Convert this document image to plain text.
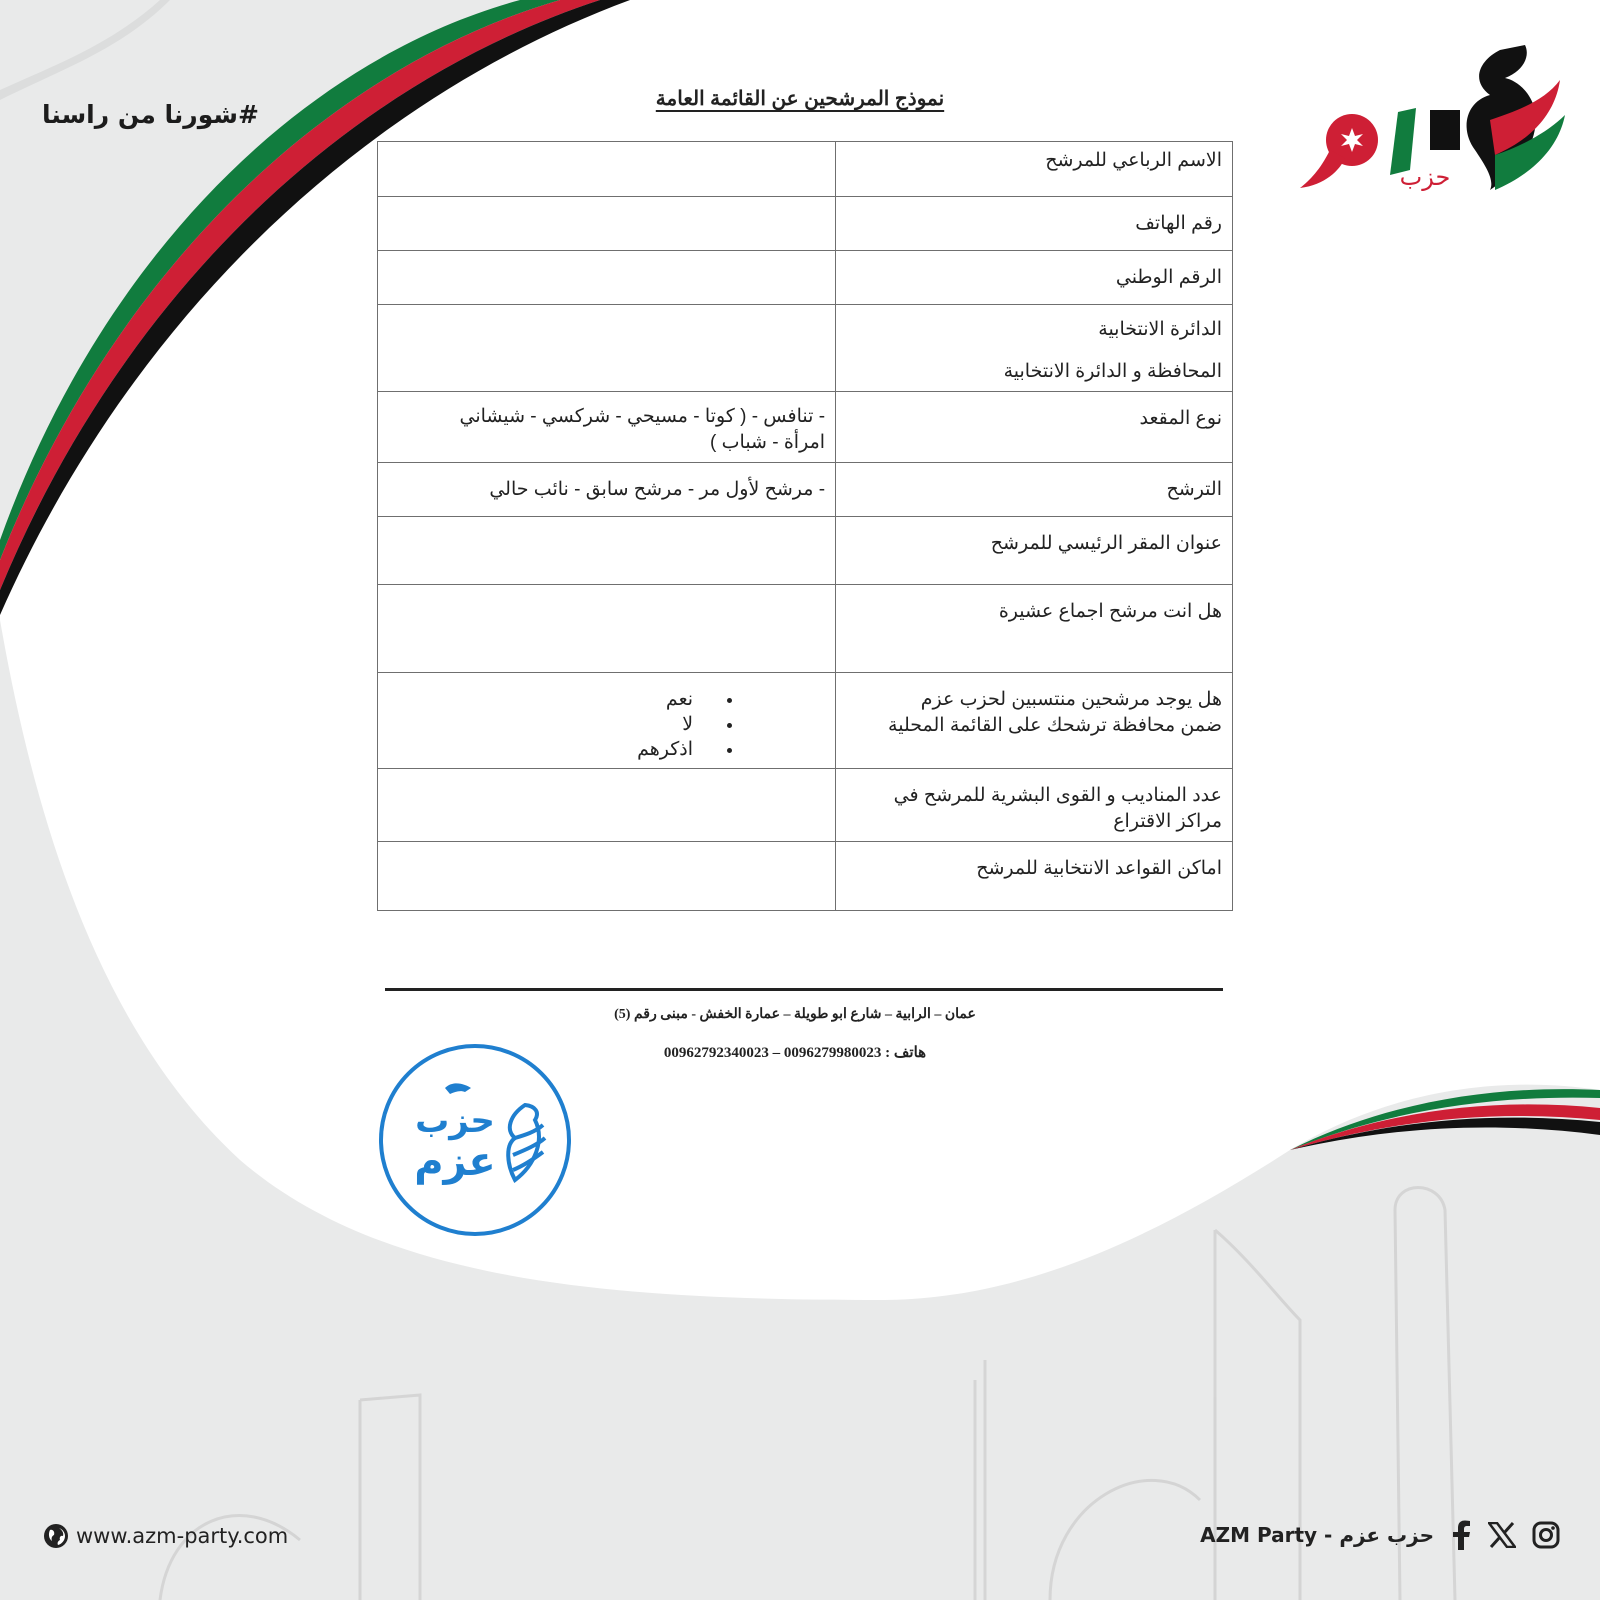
#شورنا من راسنا
حزب
نموذج المرشحين عن القائمة العامة
الاسم الرباعي للمرشح	

رقم الهاتف	

الرقم الوطني	

الدائرة الانتخابية
المحافظة و الدائرة الانتخابية	

نوع المقعد	- تنافس - ( كوتا - مسيحي - شركسي - شيشاني
امرأة - شباب )

الترشح	- مرشح لأول مر - مرشح سابق - نائب حالي

عنوان المقر الرئيسي للمرشح	

هل انت مرشح اجماع عشيرة	

هل يوجد مرشحين منتسبين لحزب عزم
ضمن محافظة ترشحك على القائمة المحلية

• نعم
• لا
• اذكرهم

عدد المناديب و القوى البشرية للمرشح في
مراكز الاقتراع	

اماكن القواعد الانتخابية للمرشح	

عمان – الرابية – شارع ابو طويلة – عمارة الخفش - مبنى رقم (5)
هاتف : 0096279980023 – 00962792340023
حزب
عزم
www.azm-party.com	AZM Party - حزب عزم
